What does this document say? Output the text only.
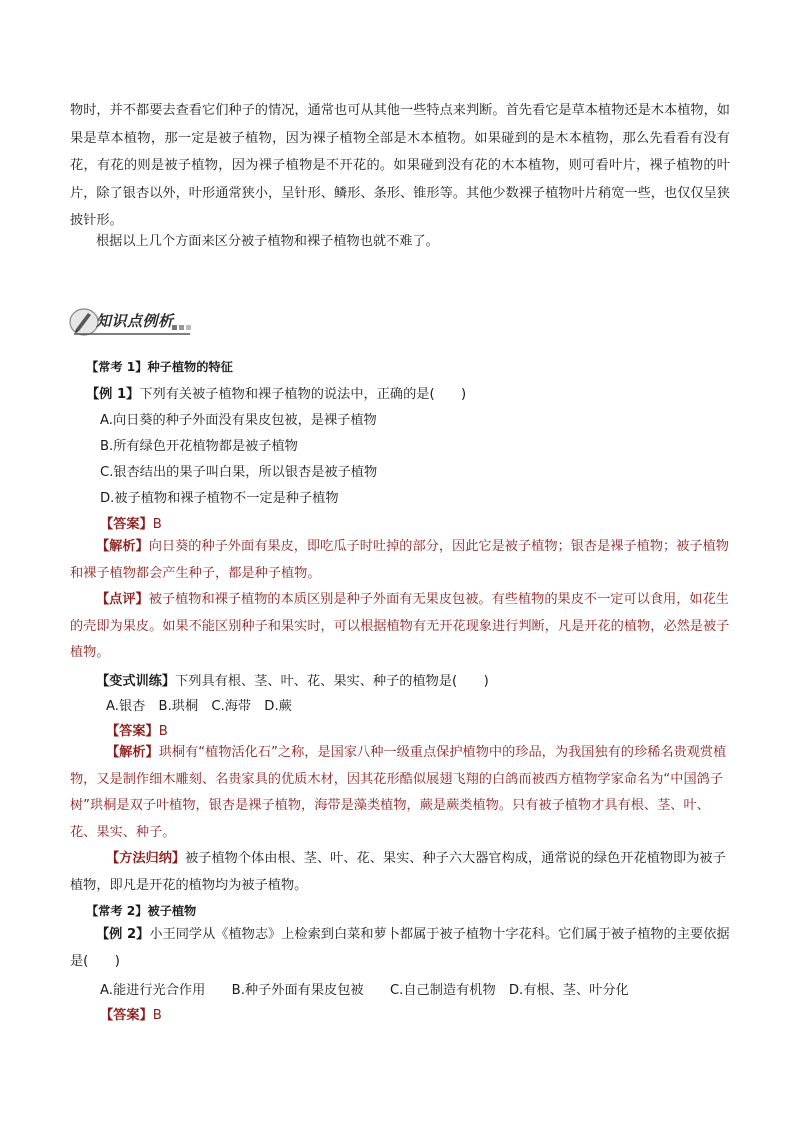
物时，并不都要去查看它们种子的情况，通常也可从其他一些特点来判断。首先看它是草本植物还是木本植物，如果是草本植物，那一定是被子植物，因为裸子植物全部是木本植物。如果碰到的是木本植物，那么先看看有没有花，有花的则是被子植物，因为裸子植物是不开花的。如果碰到没有花的木本植物，则可看叶片，裸子植物的叶片，除了银杏以外，叶形通常狭小，呈针形、鳞形、条形、锥形等。其他少数裸子植物叶片稍宽一些，也仅仅呈狭披针形。

根据以上几个方面来区分被子植物和裸子植物也就不难了。

知识点例析
【常考 1】种子植物的特征
【例 1】下列有关被子植物和裸子植物的说法中，正确的是(　　)
A.向日葵的种子外面没有果皮包被，是裸子植物
B.所有绿色开花植物都是被子植物
C.银杏结出的果子叫白果，所以银杏是被子植物
D.被子植物和裸子植物不一定是种子植物
【答案】B

【解析】向日葵的种子外面有果皮，即吃瓜子时吐掉的部分，因此它是被子植物；银杏是裸子植物；被子植物和裸子植物都会产生种子，都是种子植物。

【点评】被子植物和裸子植物的本质区别是种子外面有无果皮包被。有些植物的果皮不一定可以食用，如花生的壳即为果皮。如果不能区别种子和果实时，可以根据植物有无开花现象进行判断，凡是开花的植物，必然是被子植物。

【变式训练】下列具有根、茎、叶、花、果实、种子的植物是(　　)
A.银杏　B.珙桐　C.海带　D.蕨
【答案】B

【解析】珙桐有“植物活化石”之称，是国家八种一级重点保护植物中的珍品，为我国独有的珍稀名贵观赏植物，又是制作细木雕刻、名贵家具的优质木材，因其花形酷似展翅飞翔的白鸽而被西方植物学家命名为“中国鸽子树”珙桐是双子叶植物，银杏是裸子植物，海带是藻类植物，蕨是蕨类植物。只有被子植物才具有根、茎、叶、花、果实、种子。

【方法归纳】被子植物个体由根、茎、叶、花、果实、种子六大器官构成，通常说的绿色开花植物即为被子植物，即凡是开花的植物均为被子植物。

【常考 2】被子植物

【例 2】小王同学从《植物志》上检索到白菜和萝卜都属于被子植物十字花科。它们属于被子植物的主要依据是(　　)

A.能进行光合作用　　B.种子外面有果皮包被　　C.自己制造有机物　D.有根、茎、叶分化
【答案】B
